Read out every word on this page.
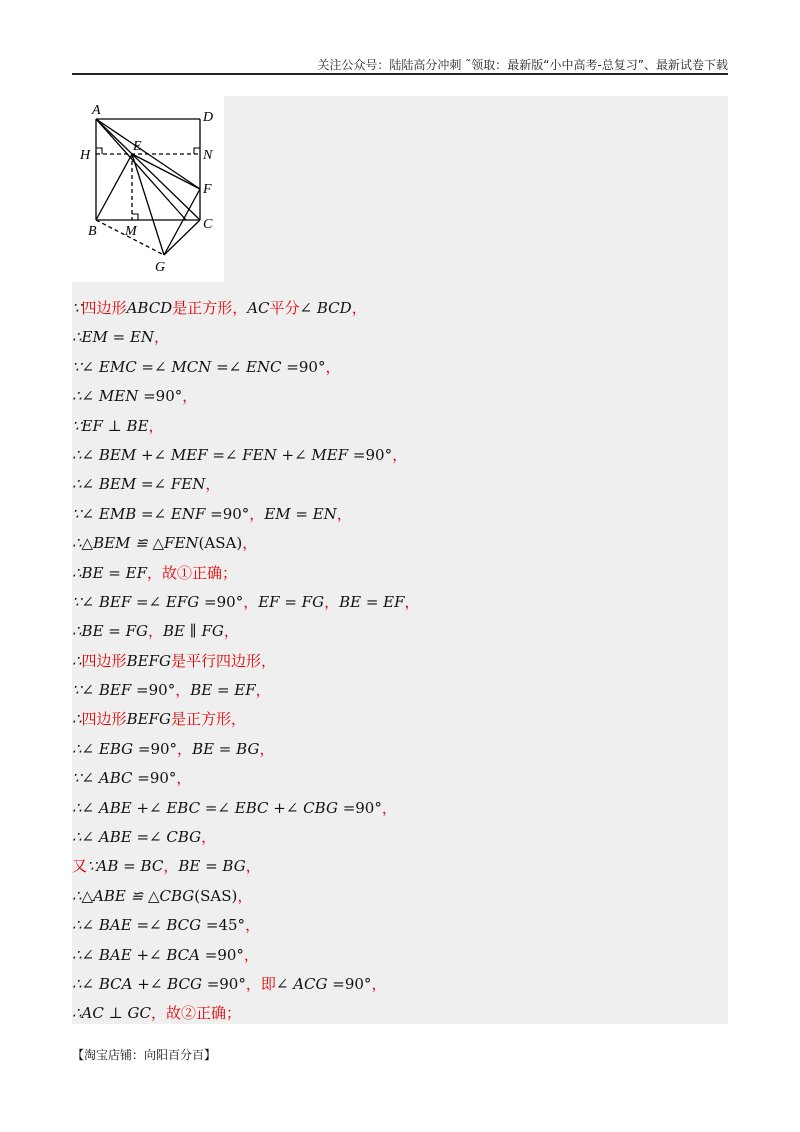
关注公众号：陆陆高分冲刺 ˜领取：最新版“小中高考-总复习”、最新试卷下载
A	D
H
E
N
F
B M	C
G
∵四边形ABCD是正方形，AC平分∠ BCD，
∴EM = EN，
∵∠ EMC =∠ MCN =∠ ENC =90°，
∴∠ MEN =90°，
∵EF ⊥ BE，
∴∠ BEM +∠ MEF =∠ FEN +∠ MEF =90°，
∴∠ BEM =∠ FEN，
∵∠ EMB =∠ ENF =90°，EM = EN，
∴△BEM ≌ △FEN(ASA)，
∴BE = EF，故①正确；
∵∠ BEF =∠ EFG =90°，EF = FG，BE = EF，
∴BE = FG，BE ∥ FG，
∴四边形BEFG是平行四边形，
∵∠ BEF =90°，BE = EF，
∴四边形BEFG是正方形，
∴∠ EBG =90°，BE = BG，
∵∠ ABC =90°，
∴∠ ABE +∠ EBC =∠ EBC +∠ CBG =90°，
∴∠ ABE =∠ CBG，
又∵AB = BC，BE = BG，
∴△ABE ≌ △CBG(SAS)，
∴∠ BAE =∠ BCG =45°，
∴∠ BAE +∠ BCA =90°，
∴∠ BCA +∠ BCG =90°，即∠ ACG =90°，
∴AC ⊥ GC，故②正确；
【淘宝店铺：向阳百分百】
